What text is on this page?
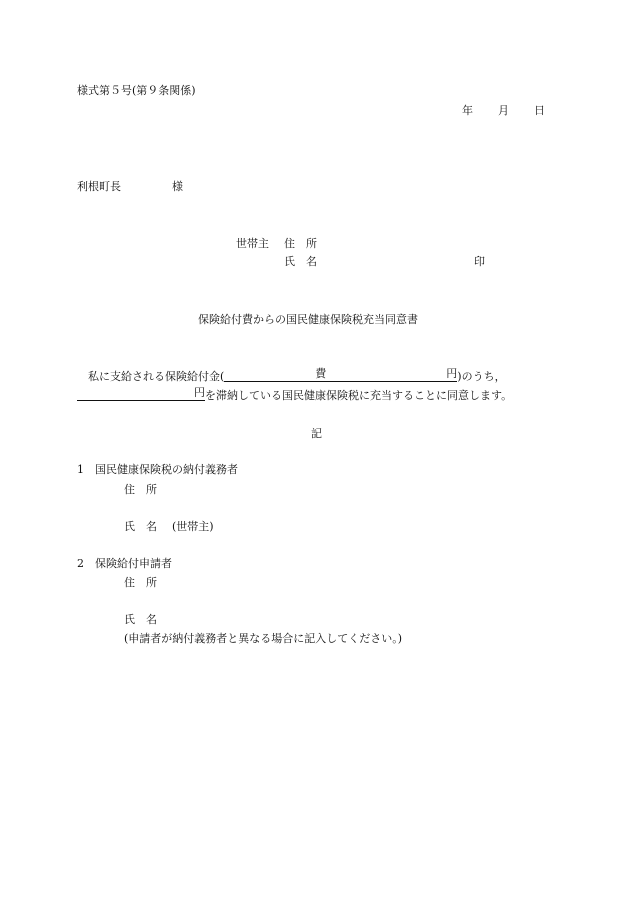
様式第５号(第９条関係)
年 月 日
利根町長	様
世帯主 住　所
氏　名	印
保険給付費からの国民健康保険税充当同意書
私に支給される保険給付金(	費	円)のうち，
円を滞納している国民健康保険税に充当することに同意します。
記
1 国民健康保険税の納付義務者
住　所
氏　名 (世帯主)
2 保険給付申請者
住　所
氏　名
(申請者が納付義務者と異なる場合に記入してください。)
